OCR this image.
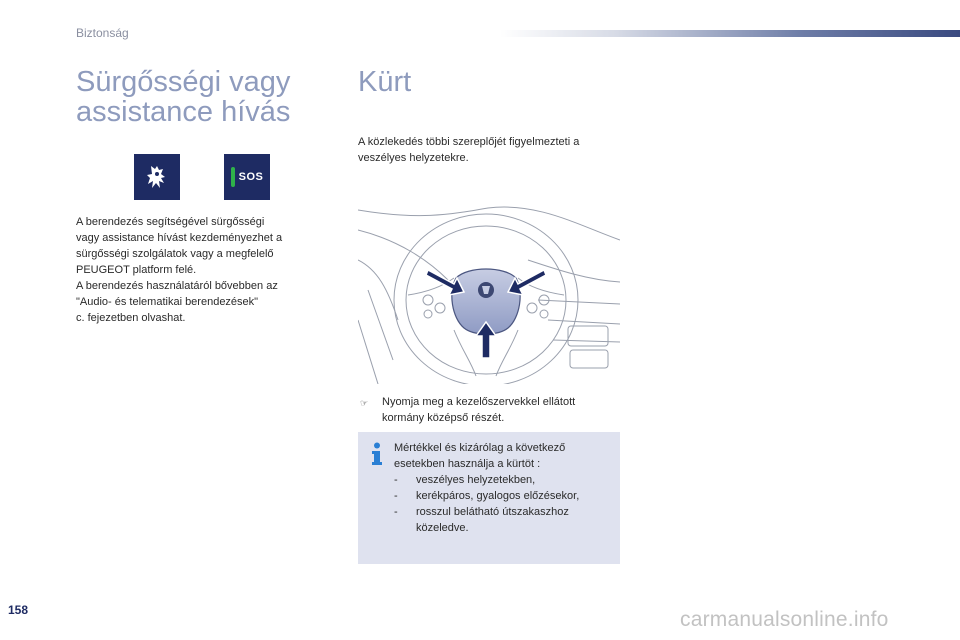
Biztonság
Sürgősségi vagy
assistance hívás
SOS
A berendezés segítségével sürgősségi
vagy assistance hívást kezdeményezhet a
sürgősségi szolgálatok vagy a megfelelő
PEUGEOT platform felé.
A berendezés használatáról bővebben az
"Audio- és telematikai berendezések"
c. fejezetben olvashat.
Kürt
A közlekedés többi szereplőjét figyelmezteti a
veszélyes helyzetekre.
☞ Nyomja meg a kezelőszervekkel ellátott
kormány középső részét.
Mértékkel és kizárólag a következő
esetekben használja a kürtöt :
- veszélyes helyzetekben,
- kerékpáros, gyalogos előzésekor,
- rosszul belátható útszakaszhoz
közeledve.
158	carmanualsonline.info
